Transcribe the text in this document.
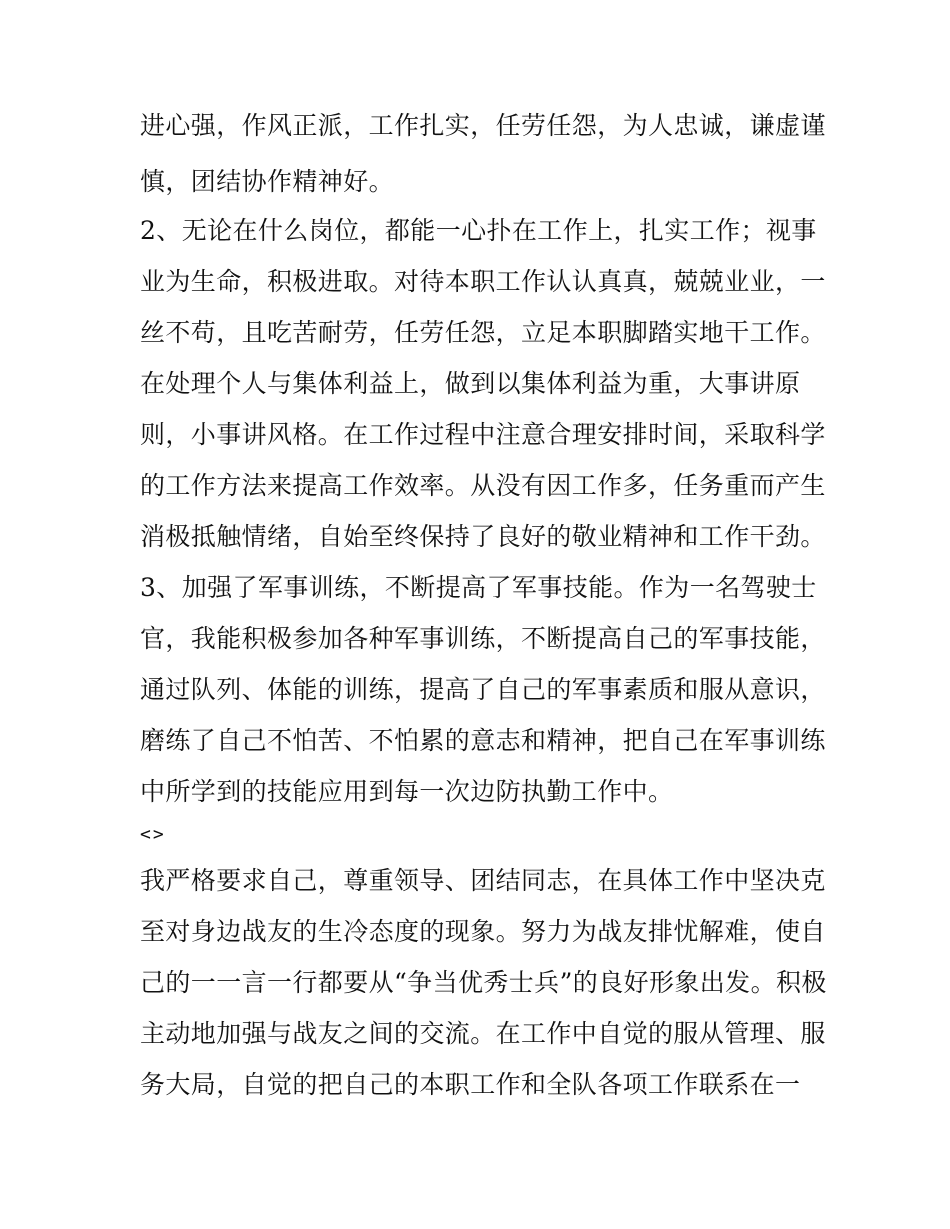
进心强，作风正派，工作扎实，任劳任怨，为人忠诚，谦虚谨
慎，团结协作精神好。
2、无论在什么岗位，都能一心扑在工作上，扎实工作；视事
业为生命，积极进取。对待本职工作认认真真，兢兢业业，一
丝不苟，且吃苦耐劳，任劳任怨，立足本职脚踏实地干工作。
在处理个人与集体利益上，做到以集体利益为重，大事讲原
则，小事讲风格。在工作过程中注意合理安排时间，采取科学
的工作方法来提高工作效率。从没有因工作多，任务重而产生
消极抵触情绪，自始至终保持了良好的敬业精神和工作干劲。
3、加强了军事训练，不断提高了军事技能。作为一名驾驶士
官，我能积极参加各种军事训练，不断提高自己的军事技能，
通过队列、体能的训练，提高了自己的军事素质和服从意识，
磨练了自己不怕苦、不怕累的意志和精神，把自己在军事训练
中所学到的技能应用到每一次边防执勤工作中。
<>
我严格要求自己，尊重领导、团结同志，在具体工作中坚决克
至对身边战友的生冷态度的现象。努力为战友排忧解难，使自
己的一一言一行都要从“争当优秀士兵”的良好形象出发。积极
主动地加强与战友之间的交流。在工作中自觉的服从管理、服
务大局，自觉的把自己的本职工作和全队各项工作联系在一
